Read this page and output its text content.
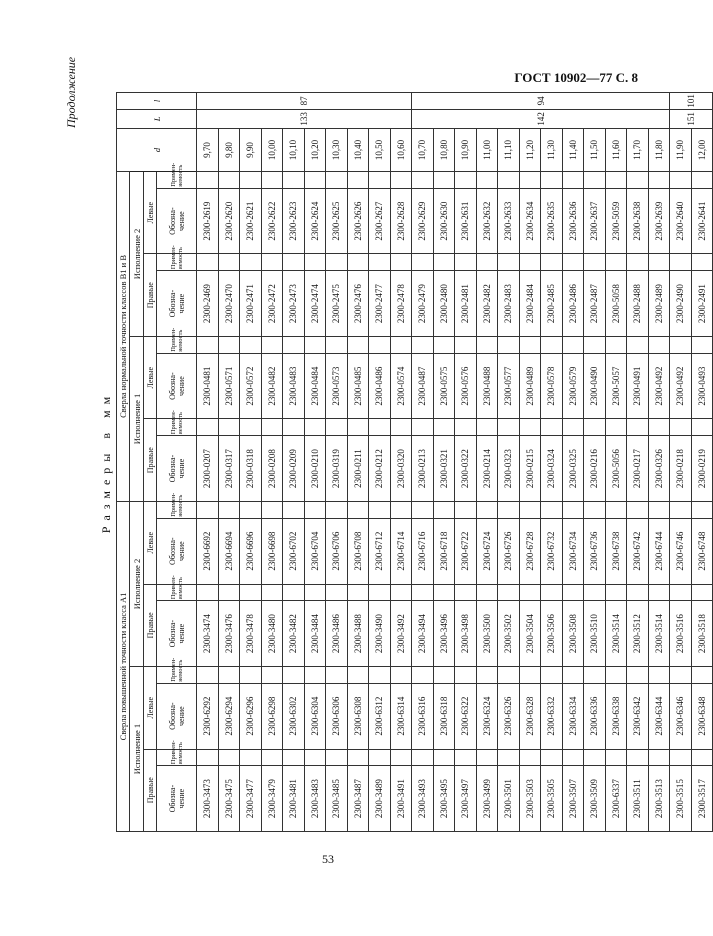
ГОСТ 10902—77 С. 8
Продолжение
53
Размеры в мм
Сверла повышенной точности класса А1								Сверла нормальной точности классов В1 и В								d	L	l
Исполнение 1				Исполнение 2				Исполнение 1				Исполнение 2						
Правые		Левые		Правые		Левые		Правые		Левые		Правые		Левые				
Обозна-
чение	Примен-
яемость	Обозна-
чение	Примен-
яемость	Обозна-
чение	Примен-
яемость	Обозна-
чение	Примен-
яемость	Обозна-
чение	Примен-
яемость	Обозна-
чение	Примен-
яемость	Обозна-
чение	Примен-
яемость	Обозна-
чение	Примен-
яемость			
2300-3473		2300-6292		2300-3474		2300-6692		2300-0207		2300-0481		2300-2469		2300-2619		9,70	133	87
2300-3475		2300-6294		2300-3476		2300-6694		2300-0317		2300-0571		2300-2470		2300-2620		9,80		
2300-3477		2300-6296		2300-3478		2300-6696		2300-0318		2300-0572		2300-2471		2300-2621		9,90		
2300-3479		2300-6298		2300-3480		2300-6698		2300-0208		2300-0482		2300-2472		2300-2622		10,00		
2300-3481		2300-6302		2300-3482		2300-6702		2300-0209		2300-0483		2300-2473		2300-2623		10,10		
2300-3483		2300-6304		2300-3484		2300-6704		2300-0210		2300-0484		2300-2474		2300-2624		10,20		
2300-3485		2300-6306		2300-3486		2300-6706		2300-0319		2300-0573		2300-2475		2300-2625		10,30		
2300-3487		2300-6308		2300-3488		2300-6708		2300-0211		2300-0485		2300-2476		2300-2626		10,40		
2300-3489		2300-6312		2300-3490		2300-6712		2300-0212		2300-0486		2300-2477		2300-2627		10,50		
2300-3491		2300-6314		2300-3492		2300-6714		2300-0320		2300-0574		2300-2478		2300-2628		10,60		
2300-3493		2300-6316		2300-3494		2300-6716		2300-0213		2300-0487		2300-2479		2300-2629		10,70	142	94
2300-3495		2300-6318		2300-3496		2300-6718		2300-0321		2300-0575		2300-2480		2300-2630		10,80		
2300-3497		2300-6322		2300-3498		2300-6722		2300-0322		2300-0576		2300-2481		2300-2631		10,90		
2300-3499		2300-6324		2300-3500		2300-6724		2300-0214		2300-0488		2300-2482		2300-2632		11,00		
2300-3501		2300-6326		2300-3502		2300-6726		2300-0323		2300-0577		2300-2483		2300-2633		11,10		
2300-3503		2300-6328		2300-3504		2300-6728		2300-0215		2300-0489		2300-2484		2300-2634		11,20		
2300-3505		2300-6332		2300-3506		2300-6732		2300-0324		2300-0578		2300-2485		2300-2635		11,30		
2300-3507		2300-6334		2300-3508		2300-6734		2300-0325		2300-0579		2300-2486		2300-2636		11,40		
2300-3509		2300-6336		2300-3510		2300-6736		2300-0216		2300-0490		2300-2487		2300-2637		11,50		
2300-6337		2300-6338		2300-3514		2300-6738		2300-5056		2300-5057		2300-5058		2300-5059		11,60		
2300-3511		2300-6342		2300-3512		2300-6742		2300-0217		2300-0491		2300-2488		2300-2638		11,70		
2300-3513		2300-6344		2300-3514		2300-6744		2300-0326		2300-0492		2300-2489		2300-2639		11,80		
2300-3515		2300-6346		2300-3516		2300-6746		2300-0218		2300-0492		2300-2490		2300-2640		11,90	151	101
2300-3517		2300-6348		2300-3518		2300-6748		2300-0219		2300-0493		2300-2491		2300-2641		12,00		
